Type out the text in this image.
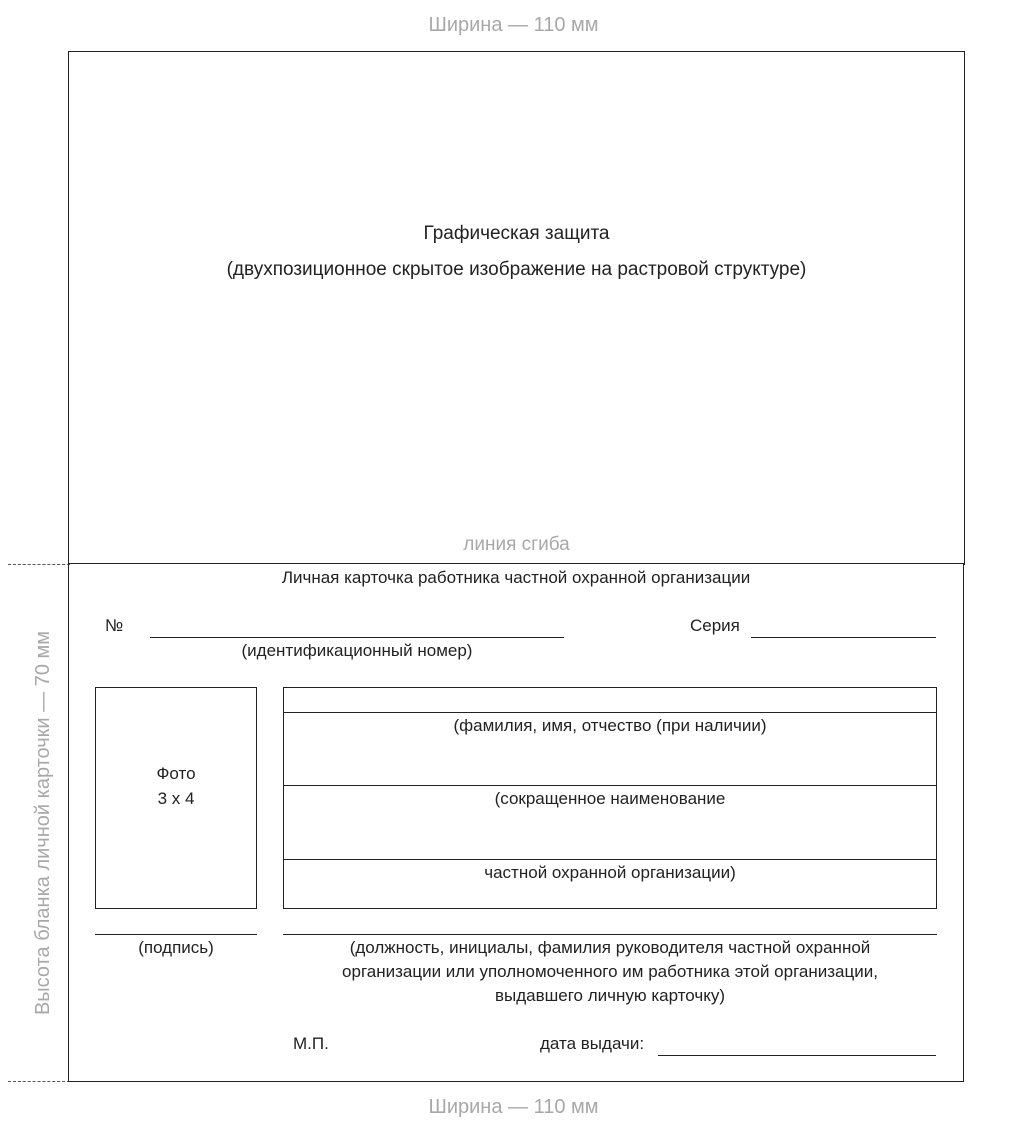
Ширина — 110 мм
Графическая защита
(двухпозиционное скрытое изображение на растровой структуре)
линия сгиба
Высота бланка личной карточки — 70 мм
Личная карточка работника частной охранной организации
№
(идентификационный номер)
Серия
Фото
3 x 4
(фамилия, имя, отчество (при наличии)
(сокращенное наименование
частной охранной организации)
(подпись)	(должность, инициалы, фамилия руководителя частной охранной
организации или уполномоченного им работника этой организации,
выдавшего личную карточку)
М.П.	дата выдачи:
Ширина — 110 мм
